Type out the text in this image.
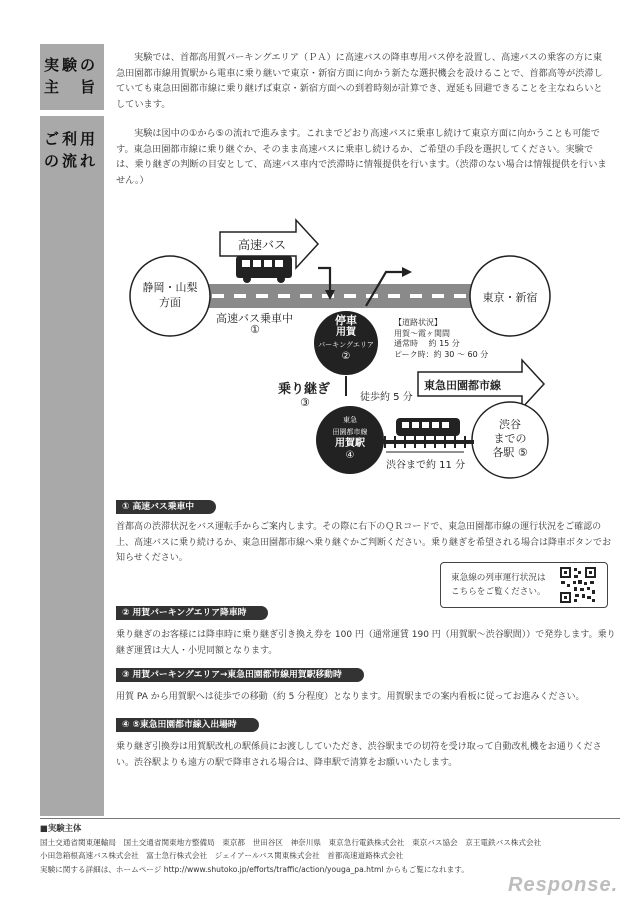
実験の
主　旨
実験では、首都高用賀パーキングエリア（ＰＡ）に高速バスの降車専用バス停を設置し、高速バスの乗客の方に東急田園都市線用賀駅から電車に乗り継いで東京・新宿方面に向かう新たな選択機会を設けることで、首都高等が渋滞していても東急田園都市線に乗り継げば東京・新宿方面への到着時刻が計算でき、遅延も回避できることを主なねらいとしています。
ご利用
の流れ
実験は図中の①から⑤の流れで進みます。これまでどおり高速バスに乗車し続けて東京方面に向かうことも可能です。東急田園都市線に乗り継ぐか、そのまま高速バスに乗車し続けるか、ご希望の手段を選択してください。実験では、乗り継ぎの判断の目安として、高速バス車内で渋滞時に情報提供を行います。（渋滞のない場合は情報提供を行いません。）
高速バス
静岡・山梨
方面	東京・新宿
高速バス乗車中
①
停車
用賀
パーキングエリア
②
【道路状況】
用賀～霞ヶ関間
通常時　 約 15 分
ピーク時：約 30 ～ 60 分
乗り継ぎ
③	徒歩約 5 分
東急田園都市線
東急
田園都市線
用賀駅
④
渋谷
までの
各駅 ⑤
渋谷まで約 11 分
① 高速バス乗車中
首都高の渋滞状況をバス運転手からご案内します。その際に右下のＱＲコードで、東急田園都市線の運行状況をご確認の上、高速バスに乗り続けるか、東急田園都市線へ乗り継ぐかご判断ください。乗り継ぎを希望される場合は降車ボタンでお知らせください。
東急線の列車運行状況は
こちらをご覧ください。
② 用賀パーキングエリア降車時
乗り継ぎのお客様には降車時に乗り継ぎ引き換え券を 100 円（通常運賃 190 円（用賀駅～渋谷駅間））で発券します。乗り継ぎ運賃は大人・小児同額となります。
③ 用賀パーキングエリア→東急田園都市線用賀駅移動時
用賀 PA から用賀駅へは徒歩での移動（約 5 分程度）となります。用賀駅までの案内看板に従ってお進みください。
④ ⑤東急田園都市線入出場時
乗り継ぎ引換券は用賀駅改札の駅係員にお渡ししていただき、渋谷駅までの切符を受け取って自動改札機をお通りください。渋谷駅よりも遠方の駅で降車される場合は、降車駅で清算をお願いいたします。
■実験主体
国土交通省関東運輸局　国土交通省関東地方整備局　東京都　世田谷区　神奈川県　東京急行電鉄株式会社　東京バス協会　京王電鉄バス株式会社
小田急箱根高速バス株式会社　富士急行株式会社　ジェイアールバス関東株式会社　首都高速道路株式会社
実験に関する詳細は、ホームページ http://www.shutoko.jp/efforts/traffic/action/youga_pa.html からもご覧になれます。
Response.
